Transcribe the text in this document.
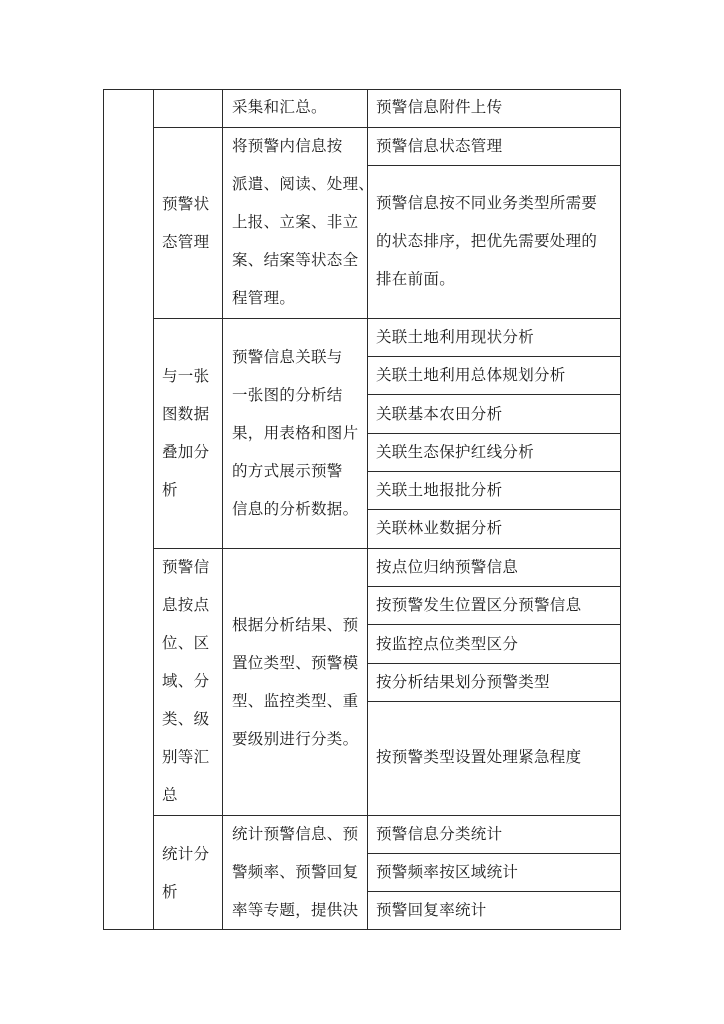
采集和汇总。	预警信息附件上传
预警状
态管理
将预警内信息按
派遣、阅读、处理、
上报、立案、非立
案、结案等状态全
程管理。
预警信息状态管理
预警信息按不同业务类型所需要
的状态排序，把优先需要处理的
排在前面。
与一张
图数据
叠加分
析
预警信息关联与
一张图的分析结
果，用表格和图片
的方式展示预警
信息的分析数据。
关联土地利用现状分析
关联土地利用总体规划分析
关联基本农田分析
关联生态保护红线分析
关联土地报批分析
关联林业数据分析
预警信
息按点
位、区
域、分
类、级
别等汇
总
根据分析结果、预
置位类型、预警模
型、监控类型、重
要级别进行分类。
按点位归纳预警信息
按预警发生位置区分预警信息
按监控点位类型区分
按分析结果划分预警类型
按预警类型设置处理紧急程度
统计分
析
统计预警信息、预
警频率、预警回复
率等专题，提供决
预警信息分类统计
预警频率按区域统计
预警回复率统计
